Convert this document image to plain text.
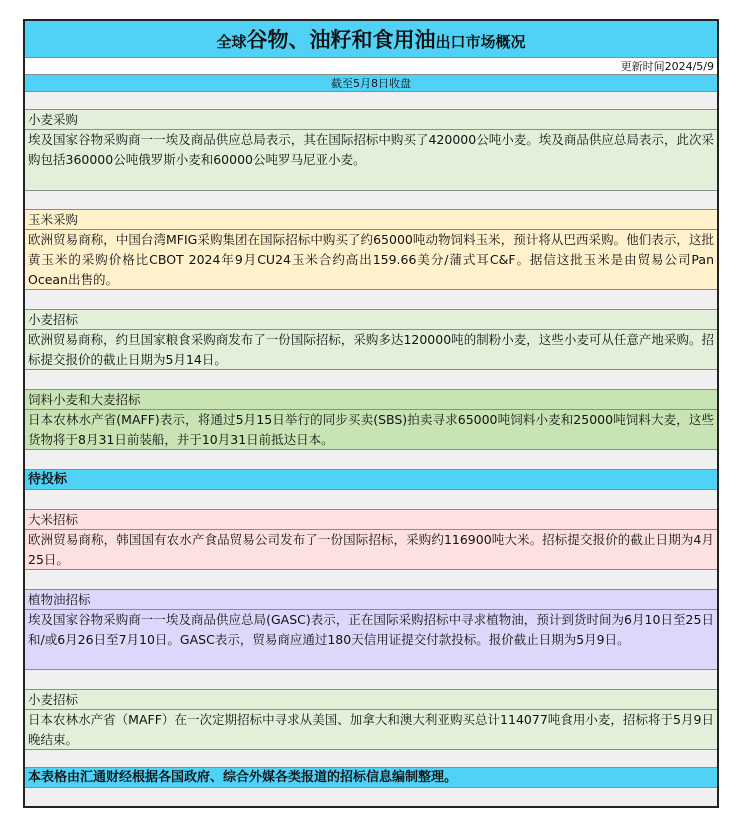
全球谷物、油籽和食用油出口市场概况
更新时间2024/5/9
截至5月8日收盘
小麦采购
埃及国家谷物采购商一一埃及商品供应总局表示，其在国际招标中购买了420000公吨小麦。埃及商品供应总局表示，此次采购包括360000公吨俄罗斯小麦和60000公吨罗马尼亚小麦。
玉米采购
欧洲贸易商称，中国台湾MFIG采购集团在国际招标中购买了约65000吨动物饲料玉米，预计将从巴西采购。他们表示，这批黄玉米的采购价格比CBOT 2024年9月CU24玉米合约高出159.66美分/蒲式耳C&F。据信这批玉米是由贸易公司Pan Ocean出售的。
小麦招标
欧洲贸易商称，约旦国家粮食采购商发布了一份国际招标，采购多达120000吨的制粉小麦，这些小麦可从任意产地采购。招标提交报价的截止日期为5月14日。
饲料小麦和大麦招标
日本农林水产省(MAFF)表示，将通过5月15日举行的同步买卖(SBS)拍卖寻求65000吨饲料小麦和25000吨饲料大麦，这些货物将于8月31日前装船，并于10月31日前抵达日本。
待投标
大米招标
欧洲贸易商称，韩国国有农水产食品贸易公司发布了一份国际招标，采购约116900吨大米。招标提交报价的截止日期为4月25日。
植物油招标
埃及国家谷物采购商一一埃及商品供应总局(GASC)表示，正在国际采购招标中寻求植物油，预计到货时间为6月10日至25日和/或6月26日至7月10日。GASC表示，贸易商应通过180天信用证提交付款投标。报价截止日期为5月9日。
小麦招标
日本农林水产省（MAFF）在一次定期招标中寻求从美国、加拿大和澳大利亚购买总计114077吨食用小麦，招标将于5月9日晚结束。
本表格由汇通财经根据各国政府、综合外媒各类报道的招标信息编制整理。
